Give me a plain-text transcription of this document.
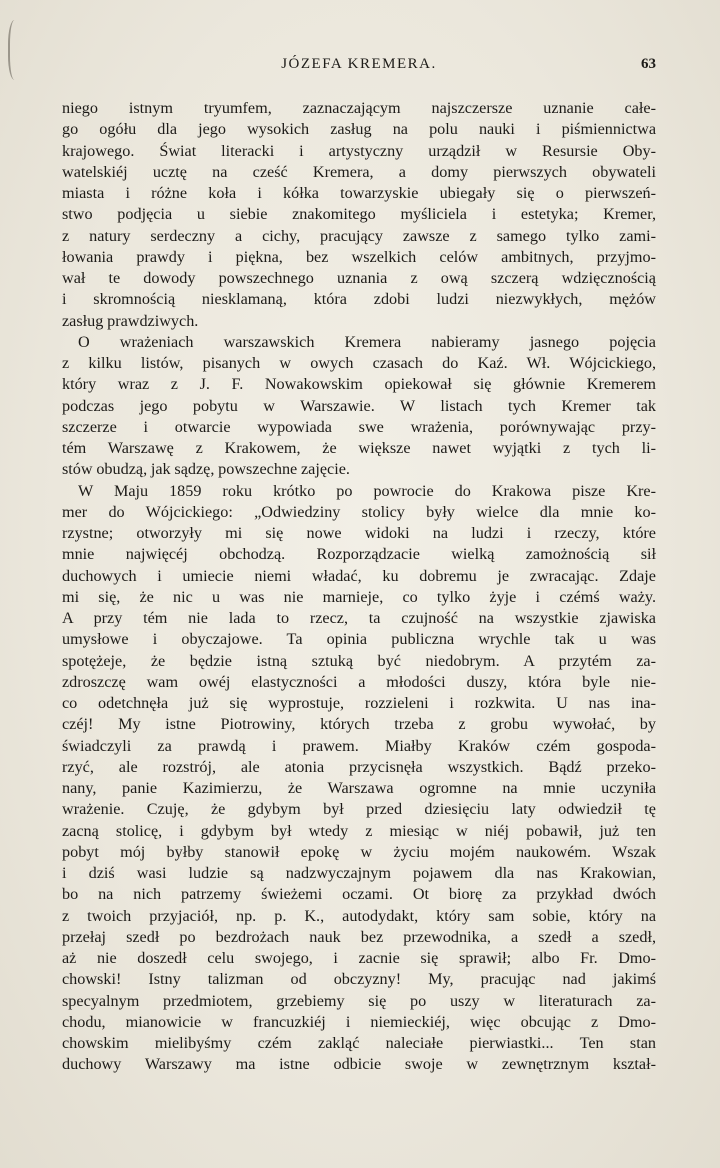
JÓZEFA KREMERA.	63
niego istnym tryumfem, zaznaczającym najszczersze uznanie całe-
go ogółu dla jego wysokich zasług na polu nauki i piśmiennictwa
krajowego. Świat literacki i artystyczny urządził w Resursie Oby-
watelskiéj ucztę na cześć Kremera, a domy pierwszych obywateli
miasta i różne koła i kółka towarzyskie ubiegały się o pierwszeń-
stwo podjęcia u siebie znakomitego myśliciela i estetyka; Kremer,
z natury serdeczny a cichy, pracujący zawsze z samego tylko zami-
łowania prawdy i piękna, bez wszelkich celów ambitnych, przyjmo-
wał te dowody powszechnego uznania z ową szczerą wdzięcznością
i skromnością niesklamaną, która zdobi ludzi niezwykłych, mężów
zasług prawdziwych.
O wrażeniach warszawskich Kremera nabieramy jasnego pojęcia
z kilku listów, pisanych w owych czasach do Kaź. Wł. Wójcickiego,
który wraz z J. F. Nowakowskim opiekował się głównie Kremerem
podczas jego pobytu w Warszawie. W listach tych Kremer tak
szczerze i otwarcie wypowiada swe wrażenia, porównywając przy-
tém Warszawę z Krakowem, że większe nawet wyjątki z tych li-
stów obudzą, jak sądzę, powszechne zajęcie.
W Maju 1859 roku krótko po powrocie do Krakowa pisze Kre-
mer do Wójcickiego: „Odwiedziny stolicy były wielce dla mnie ko-
rzystne; otworzyły mi się nowe widoki na ludzi i rzeczy, które
mnie najwięcéj obchodzą. Rozporządzacie wielką zamożnością sił
duchowych i umiecie niemi władać, ku dobremu je zwracając. Zdaje
mi się, że nic u was nie marnieje, co tylko żyje i czémś waży.
A przy tém nie lada to rzecz, ta czujność na wszystkie zjawiska
umysłowe i obyczajowe. Ta opinia publiczna wrychle tak u was
spotężeje, że będzie istną sztuką być niedobrym. A przytém za-
zdroszczę wam owéj elastyczności a młodości duszy, która byle nie-
co odetchnęła już się wyprostuje, rozzieleni i rozkwita. U nas ina-
czéj! My istne Piotrowiny, których trzeba z grobu wywołać, by
świadczyli za prawdą i prawem. Miałby Kraków czém gospoda-
rzyć, ale rozstrój, ale atonia przycisnęła wszystkich. Bądź przeko-
nany, panie Kazimierzu, że Warszawa ogromne na mnie uczyniła
wrażenie. Czuję, że gdybym był przed dziesięciu laty odwiedził tę
zacną stolicę, i gdybym był wtedy z miesiąc w niéj pobawił, już ten
pobyt mój byłby stanowił epokę w życiu mojém naukowém. Wszak
i dziś wasi ludzie są nadzwyczajnym pojawem dla nas Krakowian,
bo na nich patrzemy świeżemi oczami. Ot biorę za przykład dwóch
z twoich przyjaciół, np. p. K., autodydakt, który sam sobie, który na
przełaj szedł po bezdrożach nauk bez przewodnika, a szedł a szedł,
aż nie doszedł celu swojego, i zacnie się sprawił; albo Fr. Dmo-
chowski! Istny talizman od obczyzny! My, pracując nad jakimś
specyalnym przedmiotem, grzebiemy się po uszy w literaturach za-
chodu, mianowicie w francuzkiéj i niemieckiéj, więc obcując z Dmo-
chowskim mielibyśmy czém zakląć naleciałe pierwiastki... Ten stan
duchowy Warszawy ma istne odbicie swoje w zewnętrznym kształ-
